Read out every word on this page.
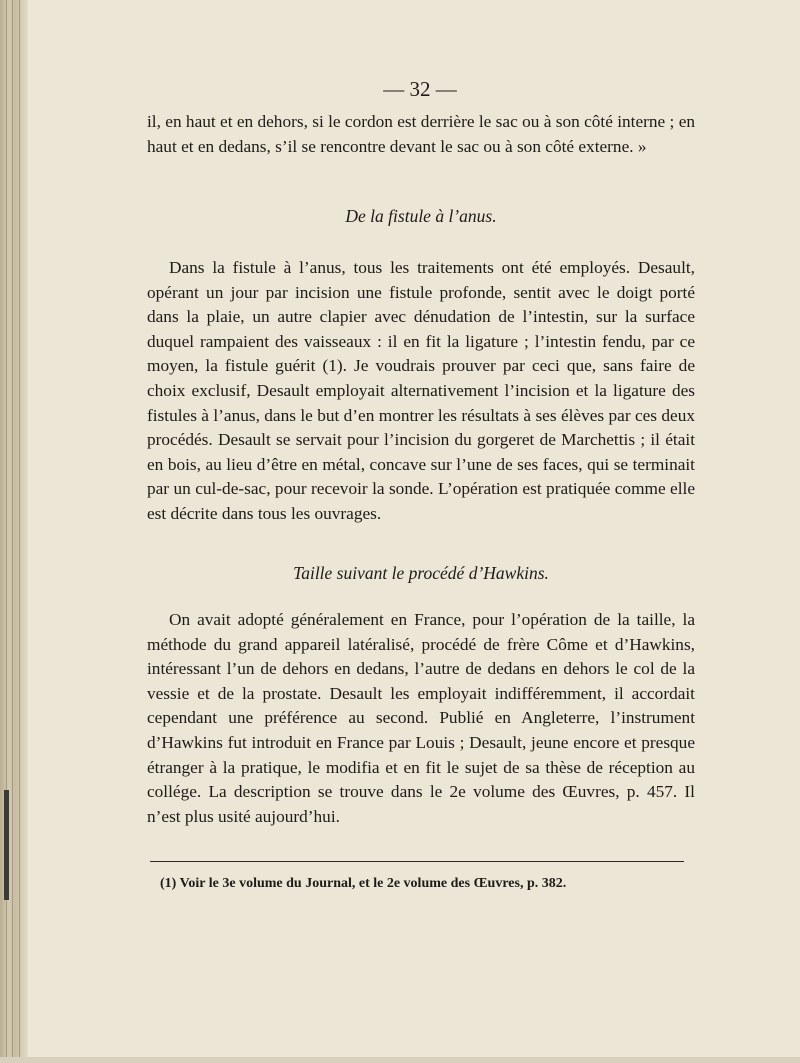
— 32 —

il, en haut et en dehors, si le cordon est derrière le sac ou à son côté interne ; en haut et en dedans, s’il se rencontre devant le sac ou à son côté externe. »

De la fistule à l’anus.

Dans la fistule à l’anus, tous les traitements ont été employés. Desault, opérant un jour par incision une fistule profonde, sentit avec le doigt porté dans la plaie, un autre clapier avec dénudation de l’intestin, sur la surface duquel rampaient des vaisseaux : il en fit la ligature ; l’intestin fendu, par ce moyen, la fistule guérit (1). Je voudrais prouver par ceci que, sans faire de choix exclusif, Desault employait alternativement l’incision et la ligature des fistules à l’anus, dans le but d’en montrer les résultats à ses élèves par ces deux procédés. Desault se servait pour l’incision du gorgeret de Marchettis ; il était en bois, au lieu d’être en métal, concave sur l’une de ses faces, qui se terminait par un cul-de-sac, pour recevoir la sonde. L’opération est pratiquée comme elle est décrite dans tous les ouvrages.

Taille suivant le procédé d’Hawkins.

On avait adopté généralement en France, pour l’opération de la taille, la méthode du grand appareil latéralisé, procédé de frère Côme et d’Hawkins, intéressant l’un de dehors en dedans, l’autre de dedans en dehors le col de la vessie et de la prostate. Desault les employait indifféremment, il accordait cependant une préférence au second. Publié en Angleterre, l’instrument d’Hawkins fut introduit en France par Louis ; Desault, jeune encore et presque étranger à la pratique, le modifia et en fit le sujet de sa thèse de réception au collége. La description se trouve dans le 2e volume des Œuvres, p. 457. Il n’est plus usité aujourd’hui.

(1) Voir le 3e volume du Journal, et le 2e volume des Œuvres, p. 382.
